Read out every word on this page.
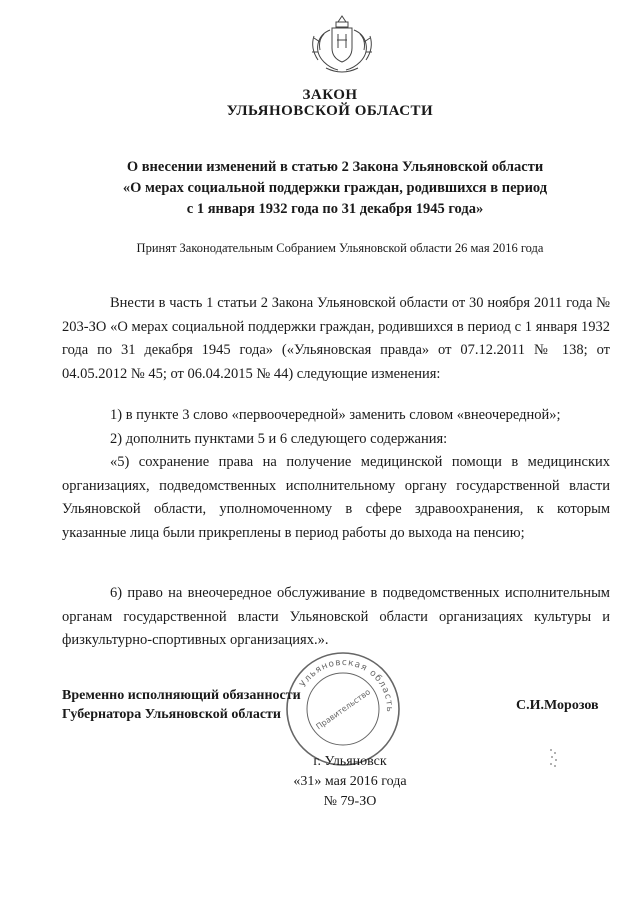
ЗАКОН
УЛЬЯНОВСКОЙ ОБЛАСТИ
О внесении изменений в статью 2 Закона Ульяновской области
«О мерах социальной поддержки граждан, родившихся в период
с 1 января 1932 года по 31 декабря 1945 года»
Принят Законодательным Собранием Ульяновской области 26 мая 2016 года

Внести в часть 1 статьи 2 Закона Ульяновской области от 30 ноября 2011 года № 203-ЗО «О мерах социальной поддержки граждан, родившихся в период с 1 января 1932 года по 31 декабря 1945 года» («Ульяновская правда» от 07.12.2011 № 138; от 04.05.2012 № 45; от 06.04.2015 № 44) следующие изменения:

1) в пункте 3 слово «первоочередной» заменить словом «внеочередной»;

2) дополнить пунктами 5 и 6 следующего содержания:

«5) сохранение права на получение медицинской помощи в медицинских организациях, подведомственных исполнительному органу государственной власти Ульяновской области, уполномоченному в сфере здравоохранения, к которым указанные лица были прикреплены в период работы до выхода на пенсию;

6) право на внеочередное обслуживание в подведомственных исполнительным органам государственной власти Ульяновской области организациях культуры и физкультурно-спортивных организациях.».

Временно исполняющий обязанности
Губернатора Ульяновской области
С.И.Морозов
Ульяновская область
Правительство
г. Ульяновск
«31» мая 2016 года
№ 79-ЗО
